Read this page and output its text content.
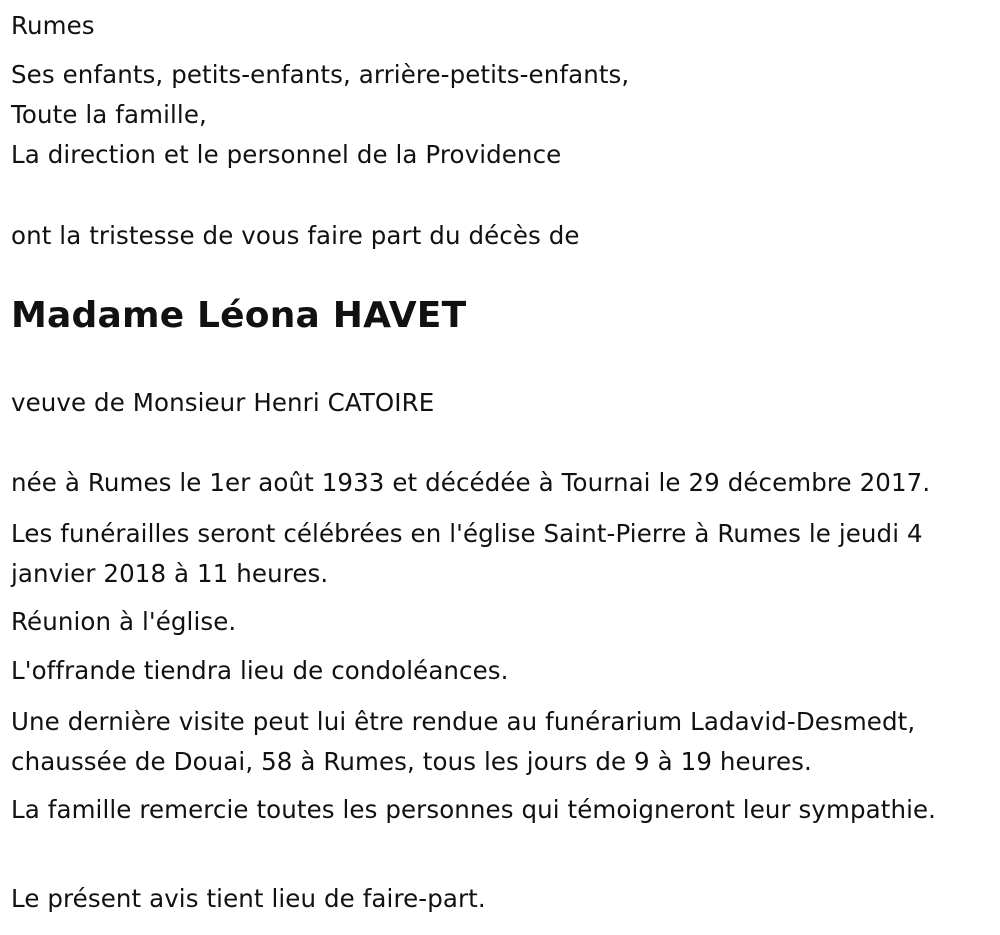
Rumes
Ses enfants, petits-enfants, arrière-petits-enfants,
Toute la famille,
La direction et le personnel de la Providence
ont la tristesse de vous faire part du décès de
Madame Léona HAVET
veuve de Monsieur Henri CATOIRE
née à Rumes le 1er août 1933 et décédée à Tournai le 29 décembre 2017.
Les funérailles seront célébrées en l'église Saint-Pierre à Rumes le jeudi 4 janvier 2018 à 11 heures.
Réunion à l'église.
L'offrande tiendra lieu de condoléances.
Une dernière visite peut lui être rendue au funérarium Ladavid-Desmedt, chaussée de Douai, 58 à Rumes, tous les jours de 9 à 19 heures.
La famille remercie toutes les personnes qui témoigneront leur sympathie.
Le présent avis tient lieu de faire-part.
